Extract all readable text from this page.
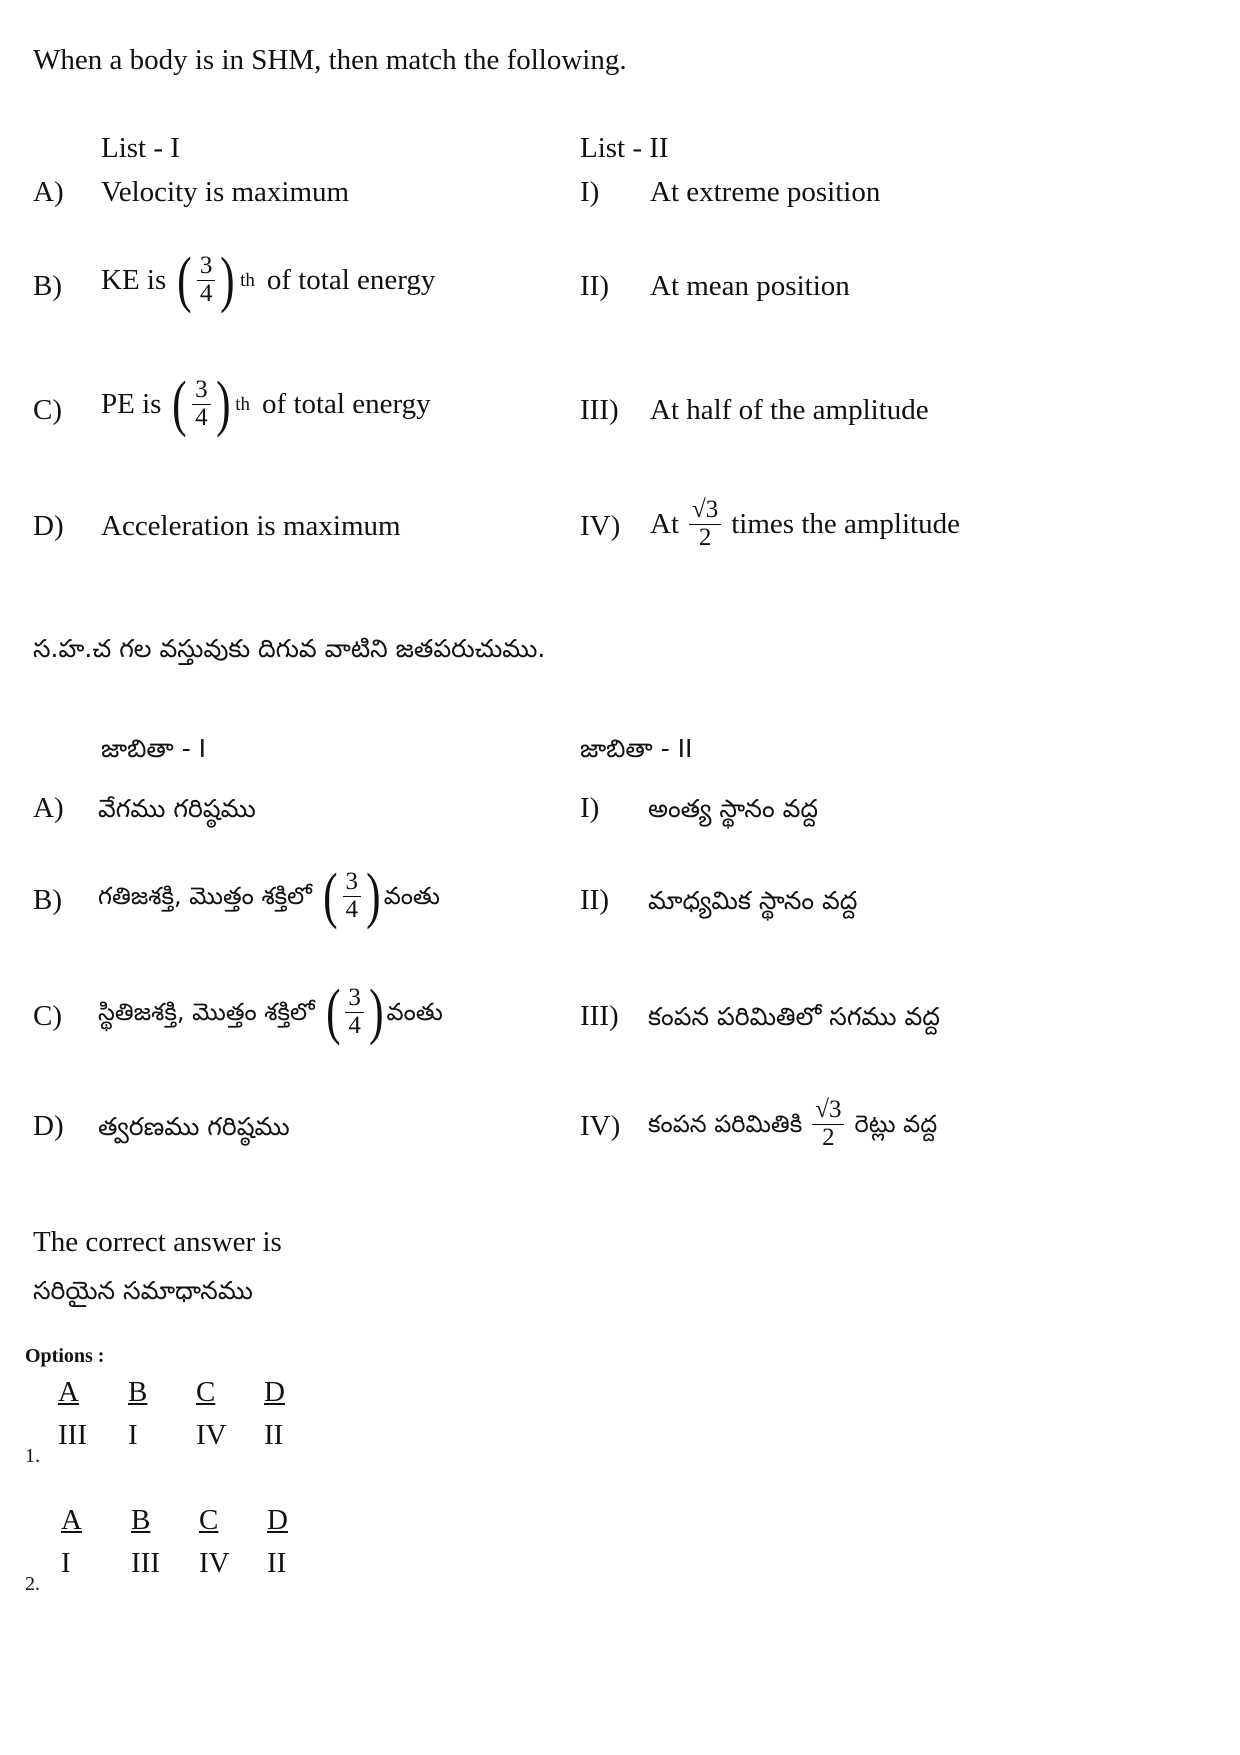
When a body is in SHM, then match the following.
List - I	List - II
A) Velocity is maximum	I) At extreme position
B) KE is ( $\frac{3}{4}$ ) th of total energy	II) At mean position
C) PE is ( $\frac{3}{4}$ ) th of total energy	III) At half of the amplitude
D) Acceleration is maximum	IV) At $\frac{√3}{2}$ times the amplitude
స.హ.చ గల వస్తువుకు దిగువ వాటిని జతపరుచుము.
జాబితా - I	జాబితా - II
A) వేగము గరిష్ఠము	I) అంత్య స్థానం వద్ద
B) గతిజశక్తి, మొత్తం శక్తిలో ( $\frac{3}{4}$ ) వంతు	II) మాధ్యమిక స్థానం వద్ద
C) స్థితిజశక్తి, మొత్తం శక్తిలో ( $\frac{3}{4}$ ) వంతు	III) కంపన పరిమితిలో సగము వద్ద
D) త్వరణము గరిష్ఠము	IV) కంపన పరిమితికి $\frac{√3}{2}$ రెట్లు వద్ద
The correct answer is
సరియైన సమాధానము
Options :
A	B	C	D
III	I	IV	II
1.
A	B	C	D
I	III	IV	II
2.
